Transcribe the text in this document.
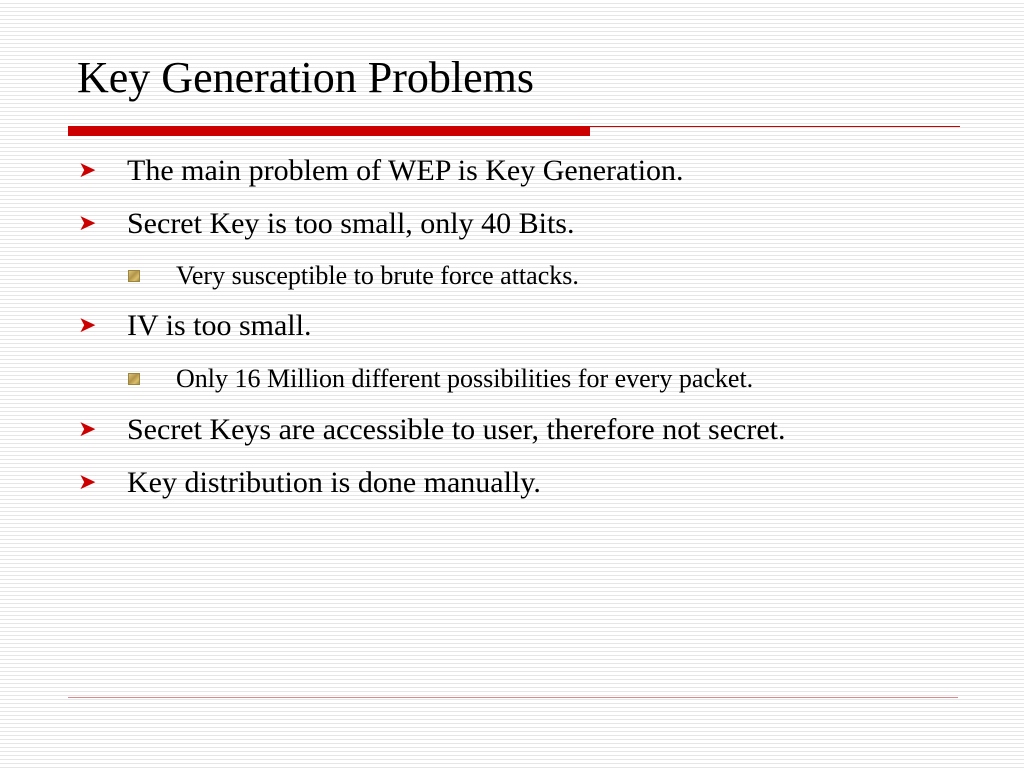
Key Generation Problems
➤ The main problem of WEP is Key Generation.
➤ Secret Key is too small, only 40 Bits.
Very susceptible to brute force attacks.
➤ IV is too small.
Only 16 Million different possibilities for every packet.
➤ Secret Keys are accessible to user, therefore not secret.
➤ Key distribution is done manually.
